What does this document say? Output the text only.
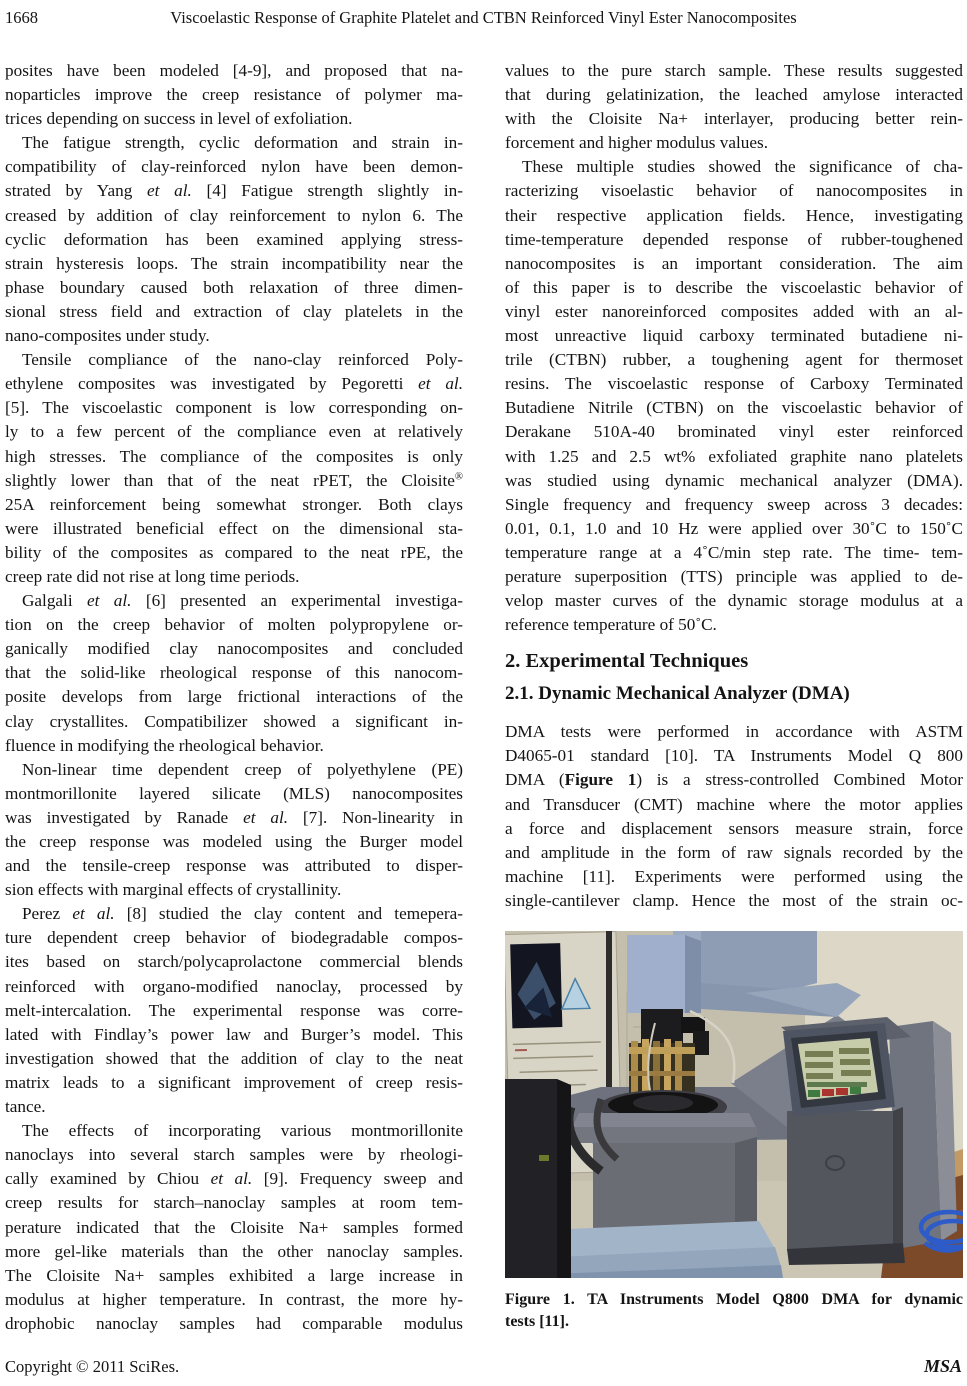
1668	Viscoelastic Response of Graphite Platelet and CTBN Reinforced Vinyl Ester Nanocomposites
posites have been modeled [4-9], and proposed that na-
noparticles improve the creep resistance of polymer ma-
trices depending on success in level of exfoliation.
The fatigue strength, cyclic deformation and strain in-
compatibility of clay-reinforced nylon have been demon-
strated by Yang et al. [4] Fatigue strength slightly in-
creased by addition of clay reinforcement to nylon 6. The
cyclic deformation has been examined applying stress-
strain hysteresis loops. The strain incompatibility near the
phase boundary caused both relaxation of three dimen-
sional stress field and extraction of clay platelets in the
nano-composites under study.
Tensile compliance of the nano-clay reinforced Poly-
ethylene composites was investigated by Pegoretti et al.
[5]. The viscoelastic component is low corresponding on-
ly to a few percent of the compliance even at relatively
high stresses. The compliance of the composites is only
slightly lower than that of the neat rPET, the Cloisite®
25A reinforcement being somewhat stronger. Both clays
were illustrated beneficial effect on the dimensional sta-
bility of the composites as compared to the neat rPE, the
creep rate did not rise at long time periods.
Galgali et al. [6] presented an experimental investiga-
tion on the creep behavior of molten polypropylene or-
ganically modified clay nanocomposites and concluded
that the solid-like rheological response of this nanocom-
posite develops from large frictional interactions of the
clay crystallites. Compatibilizer showed a significant in-
fluence in modifying the rheological behavior.
Non-linear time dependent creep of polyethylene (PE)
montmorillonite layered silicate (MLS) nanocomposites
was investigated by Ranade et al. [7]. Non-linearity in
the creep response was modeled using the Burger model
and the tensile-creep response was attributed to disper-
sion effects with marginal effects of crystallinity.
Perez et al. [8] studied the clay content and temepera-
ture dependent creep behavior of biodegradable compos-
ites based on starch/polycaprolactone commercial blends
reinforced with organo-modified nanoclay, processed by
melt-intercalation. The experimental response was corre-
lated with Findlay’s power law and Burger’s model. This
investigation showed that the addition of clay to the neat
matrix leads to a significant improvement of creep resis-
tance.
The effects of incorporating various montmorillonite
nanoclays into several starch samples were by rheologi-
cally examined by Chiou et al. [9]. Frequency sweep and
creep results for starch–nanoclay samples at room tem-
perature indicated that the Cloisite Na+ samples formed
more gel-like materials than the other nanoclay samples.
The Cloisite Na+ samples exhibited a large increase in
modulus at higher temperature. In contrast, the more hy-
drophobic nanoclay samples had comparable modulus
values to the pure starch sample. These results suggested
that during gelatinization, the leached amylose interacted
with the Cloisite Na+ interlayer, producing better rein-
forcement and higher modulus values.
These multiple studies showed the significance of cha-
racterizing visoelastic behavior of nanocomposites in
their respective application fields. Hence, investigating
time-temperature depended response of rubber-toughened
nanocomposites is an important consideration. The aim
of this paper is to describe the viscoelastic behavior of
vinyl ester nanoreinforced composites added with an al-
most unreactive liquid carboxy terminated butadiene ni-
trile (CTBN) rubber, a toughening agent for thermoset
resins. The viscoelastic response of Carboxy Terminated
Butadiene Nitrile (CTBN) on the viscoelastic behavior of
Derakane 510A-40 brominated vinyl ester reinforced
with 1.25 and 2.5 wt% exfoliated graphite nano platelets
was studied using dynamic mechanical analyzer (DMA).
Single frequency and frequency sweep across 3 decades:
0.01, 0.1, 1.0 and 10 Hz were applied over 30˚C to 150˚C
temperature range at a 4˚C/min step rate. The time- tem-
perature superposition (TTS) principle was applied to de-
velop master curves of the dynamic storage modulus at a
reference temperature of 50˚C.
2. Experimental Techniques
2.1. Dynamic Mechanical Analyzer (DMA)
DMA tests were performed in accordance with ASTM
D4065-01 standard [10]. TA Instruments Model Q 800
DMA (Figure 1) is a stress-controlled Combined Motor
and Transducer (CMT) machine where the motor applies
a force and displacement sensors measure strain, force
and amplitude in the form of raw signals recorded by the
machine [11]. Experiments were performed using the
single-cantilever clamp. Hence the most of the strain oc-
Figure 1. TA Instruments Model Q800 DMA for dynamic
tests [11].
Copyright © 2011 SciRes.	MSA
